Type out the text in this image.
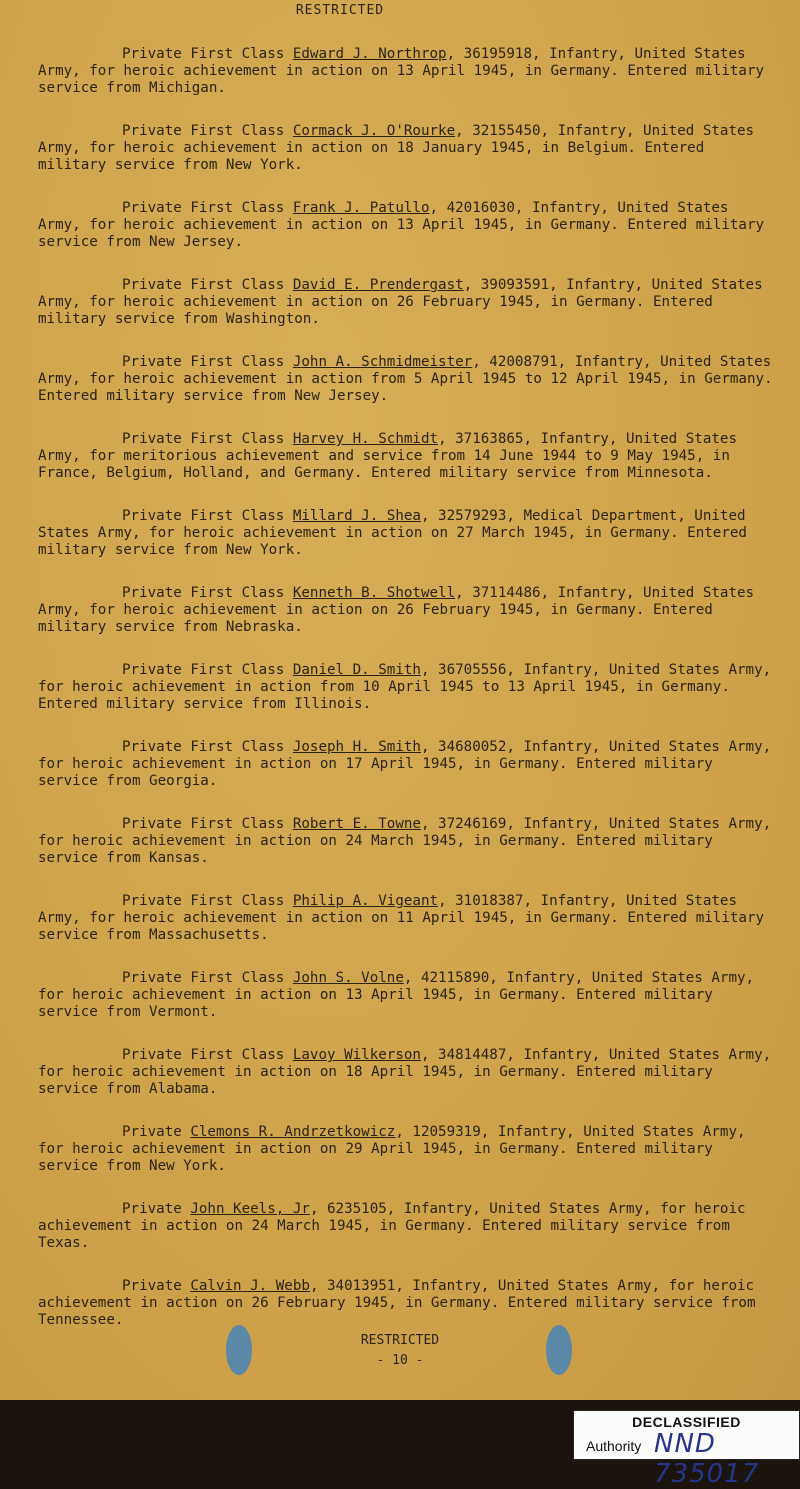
RESTRICTED

Private First Class Edward J. Northrop, 36195918, Infantry, United States Army, for heroic achievement in action on 13 April 1945, in Germany. Entered military service from Michigan.

Private First Class Cormack J. O'Rourke, 32155450, Infantry, United States Army, for heroic achievement in action on 18 January 1945, in Belgium. Entered military service from New York.

Private First Class Frank J. Patullo, 42016030, Infantry, United States Army, for heroic achievement in action on 13 April 1945, in Germany. Entered military service from New Jersey.

Private First Class David E. Prendergast, 39093591, Infantry, United States Army, for heroic achievement in action on 26 February 1945, in Germany. Entered military service from Washington.

Private First Class John A. Schmidmeister, 42008791, Infantry, United States Army, for heroic achievement in action from 5 April 1945 to 12 April 1945, in Germany. Entered military service from New Jersey.

Private First Class Harvey H. Schmidt, 37163865, Infantry, United States Army, for meritorious achievement and service from 14 June 1944 to 9 May 1945, in France, Belgium, Holland, and Germany. Entered military service from Minnesota.

Private First Class Millard J. Shea, 32579293, Medical Department, United States Army, for heroic achievement in action on 27 March 1945, in Germany. Entered military service from New York.

Private First Class Kenneth B. Shotwell, 37114486, Infantry, United States Army, for heroic achievement in action on 26 February 1945, in Germany. Entered military service from Nebraska.

Private First Class Daniel D. Smith, 36705556, Infantry, United States Army, for heroic achievement in action from 10 April 1945 to 13 April 1945, in Germany. Entered military service from Illinois.

Private First Class Joseph H. Smith, 34680052, Infantry, United States Army, for heroic achievement in action on 17 April 1945, in Germany. Entered military service from Georgia.

Private First Class Robert E. Towne, 37246169, Infantry, United States Army, for heroic achievement in action on 24 March 1945, in Germany. Entered military service from Kansas.

Private First Class Philip A. Vigeant, 31018387, Infantry, United States Army, for heroic achievement in action on 11 April 1945, in Germany. Entered military service from Massachusetts.

Private First Class John S. Volne, 42115890, Infantry, United States Army, for heroic achievement in action on 13 April 1945, in Germany. Entered military service from Vermont.

Private First Class Lavoy Wilkerson, 34814487, Infantry, United States Army, for heroic achievement in action on 18 April 1945, in Germany. Entered military service from Alabama.

Private Clemons R. Andrzetkowicz, 12059319, Infantry, United States Army, for heroic achievement in action on 29 April 1945, in Germany. Entered military service from New York.

Private John Keels, Jr, 6235105, Infantry, United States Army, for heroic achievement in action on 24 March 1945, in Germany. Entered military service from Texas.

Private Calvin J. Webb, 34013951, Infantry, United States Army, for heroic achievement in action on 26 February 1945, in Germany. Entered military service from Tennessee.

RESTRICTED
- 10 -
DECLASSIFIED
Authority NND 735017
